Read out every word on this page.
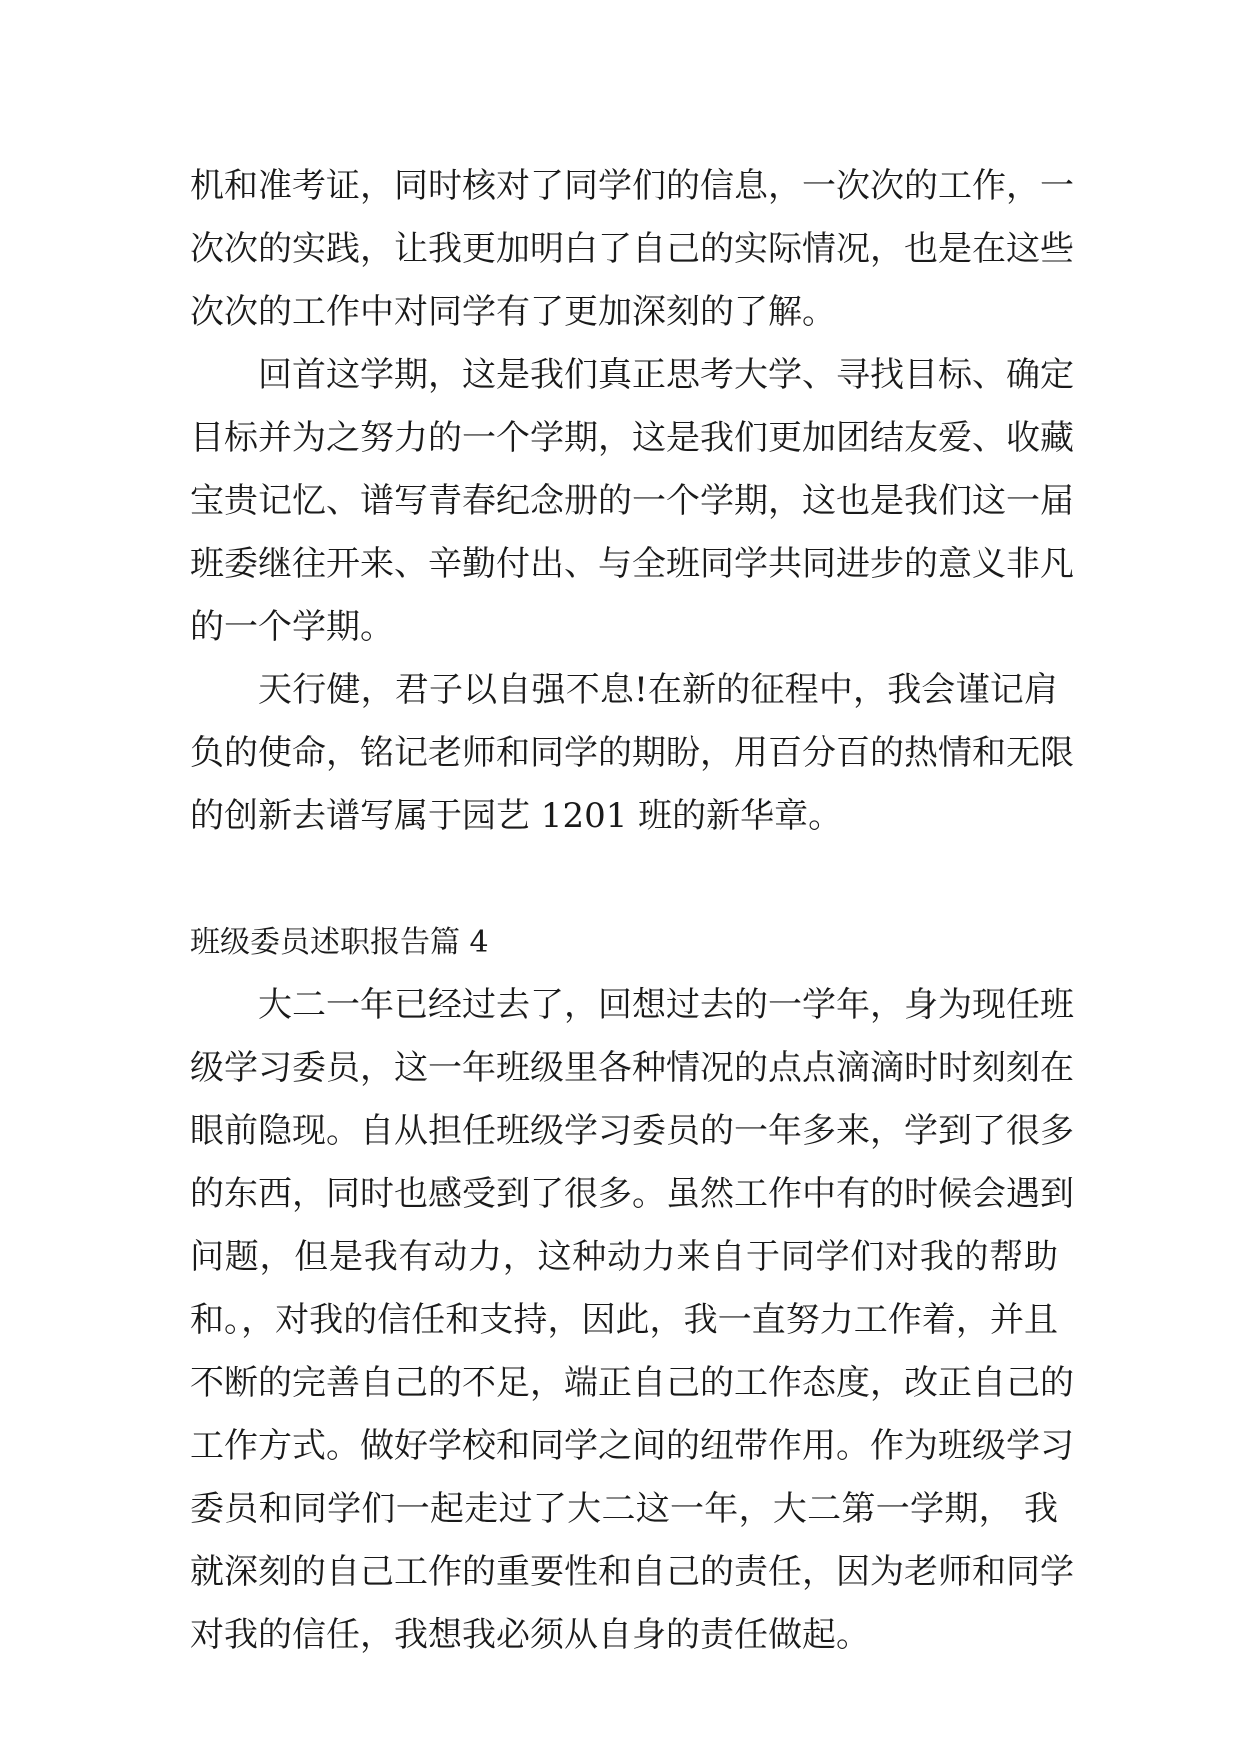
机和准考证，同时核对了同学们的信息，一次次的工作，一
次次的实践，让我更加明白了自己的实际情况，也是在这些
次次的工作中对同学有了更加深刻的了解。
回首这学期，这是我们真正思考大学、寻找目标、确定
目标并为之努力的一个学期，这是我们更加团结友爱、收藏
宝贵记忆、谱写青春纪念册的一个学期，这也是我们这一届
班委继往开来、辛勤付出、与全班同学共同进步的意义非凡
的一个学期。
天行健，君子以自强不息!在新的征程中，我会谨记肩
负的使命，铭记老师和同学的期盼，用百分百的热情和无限
的创新去谱写属于园艺 1201 班的新华章。
班级委员述职报告篇 4
大二一年已经过去了，回想过去的一学年，身为现任班
级学习委员，这一年班级里各种情况的点点滴滴时时刻刻在
眼前隐现。自从担任班级学习委员的一年多来，学到了很多
的东西，同时也感受到了很多。虽然工作中有的时候会遇到
问题，但是我有动力，这种动力来自于同学们对我的帮助
和。，对我的信任和支持，因此，我一直努力工作着，并且
不断的完善自己的不足，端正自己的工作态度，改正自己的
工作方式。做好学校和同学之间的纽带作用。作为班级学习
委员和同学们一起走过了大二这一年，大二第一学期， 我
就深刻的自己工作的重要性和自己的责任，因为老师和同学
对我的信任，我想我必须从自身的责任做起。
